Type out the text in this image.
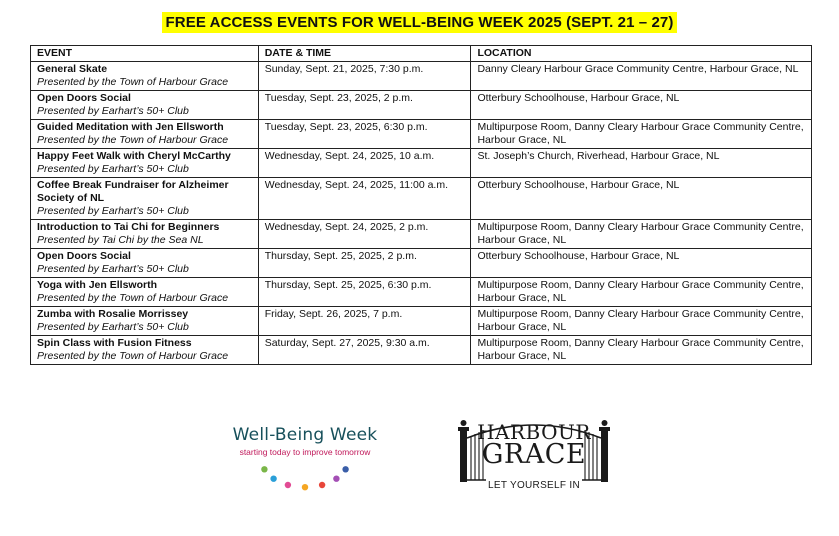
FREE ACCESS EVENTS FOR WELL-BEING WEEK 2025 (SEPT. 21 – 27)
EVENT	DATE & TIME	LOCATION

General Skate
Presented by the Town of Harbour Grace	Sunday, Sept. 21, 2025, 7:30 p.m.	Danny Cleary Harbour Grace Community Centre, Harbour Grace, NL

Open Doors Social
Presented by Earhart’s 50+ Club	Tuesday, Sept. 23, 2025, 2 p.m.	Otterbury Schoolhouse, Harbour Grace, NL

Guided Meditation with Jen Ellsworth
Presented by the Town of Harbour Grace	Tuesday, Sept. 23, 2025, 6:30 p.m.	Multipurpose Room, Danny Cleary Harbour Grace Community Centre, Harbour Grace, NL

Happy Feet Walk with Cheryl McCarthy
Presented by Earhart’s 50+ Club	Wednesday, Sept. 24, 2025, 10 a.m.	St. Joseph’s Church, Riverhead, Harbour Grace, NL

Coffee Break Fundraiser for Alzheimer Society of NL
Presented by Earhart’s 50+ Club	Wednesday, Sept. 24, 2025, 11:00 a.m.	Otterbury Schoolhouse, Harbour Grace, NL

Introduction to Tai Chi for Beginners
Presented by Tai Chi by the Sea NL	Wednesday, Sept. 24, 2025, 2 p.m.	Multipurpose Room, Danny Cleary Harbour Grace Community Centre, Harbour Grace, NL

Open Doors Social
Presented by Earhart’s 50+ Club	Thursday, Sept. 25, 2025, 2 p.m.	Otterbury Schoolhouse, Harbour Grace, NL

Yoga with Jen Ellsworth
Presented by the Town of Harbour Grace	Thursday, Sept. 25, 2025, 6:30 p.m.	Multipurpose Room, Danny Cleary Harbour Grace Community Centre, Harbour Grace, NL

Zumba with Rosalie Morrissey
Presented by Earhart’s 50+ Club	Friday, Sept. 26, 2025, 7 p.m.	Multipurpose Room, Danny Cleary Harbour Grace Community Centre, Harbour Grace, NL

Spin Class with Fusion Fitness
Presented by the Town of Harbour Grace	Saturday, Sept. 27, 2025, 9:30 a.m.	Multipurpose Room, Danny Cleary Harbour Grace Community Centre, Harbour Grace, NL
Well-Being Week
starting today to improve tomorrow
HARBOUR
GRACE
LET YOURSELF IN
